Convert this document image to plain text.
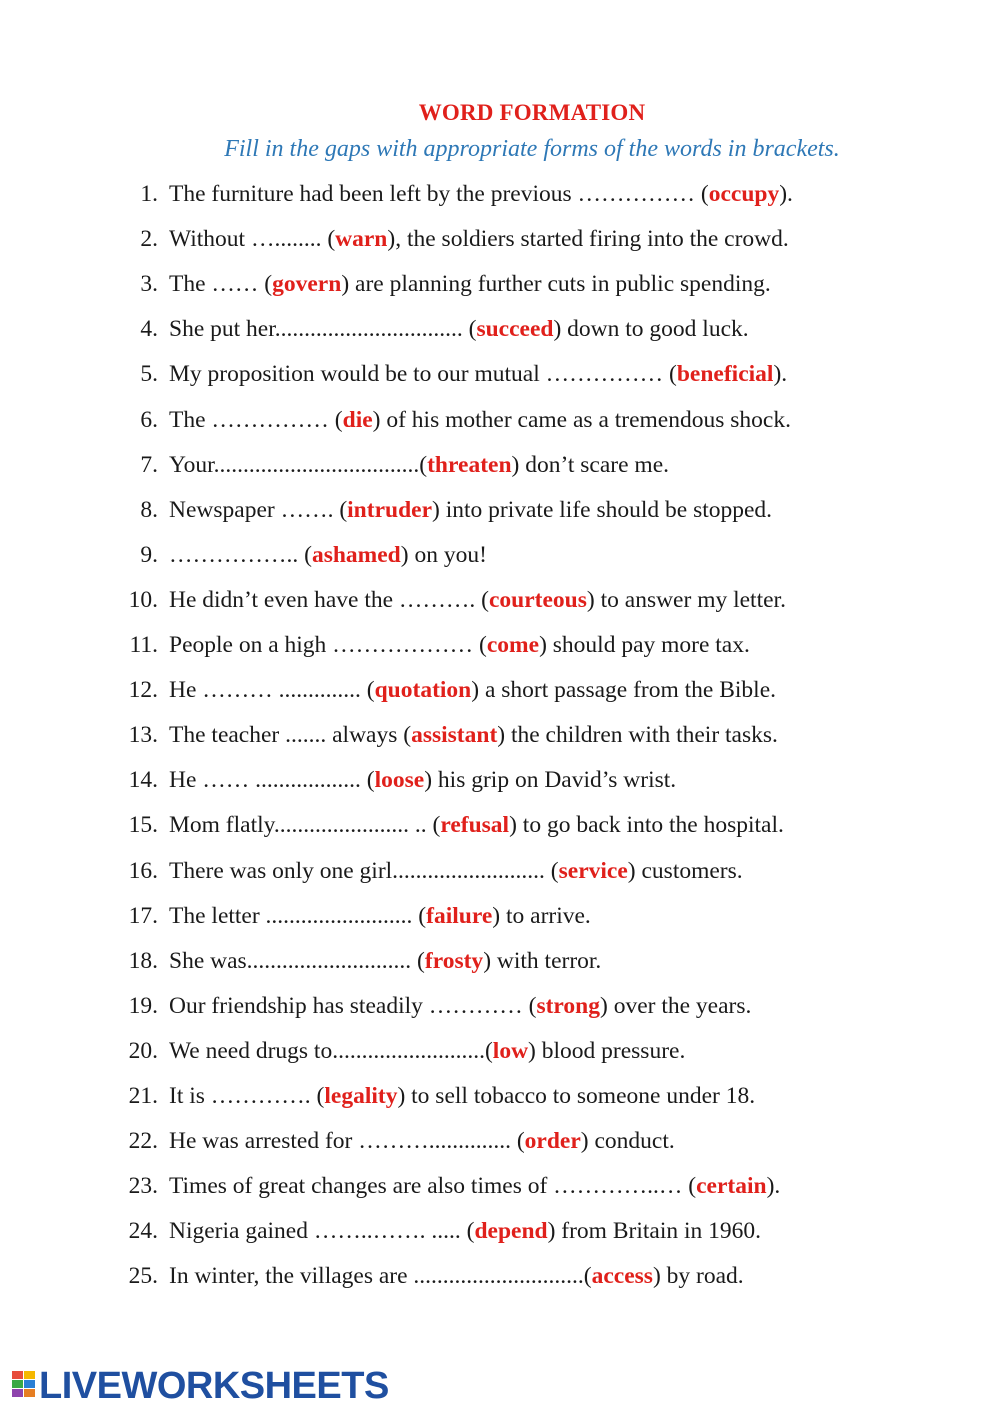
WORD FORMATION
Fill in the gaps with appropriate forms of the words in brackets.
1. The furniture had been left by the previous …………… (occupy).
2. Without …........ (warn), the soldiers started firing into the crowd.
3. The …… (govern) are planning further cuts in public spending.
4. She put her................................ (succeed) down to good luck.
5. My proposition would be to our mutual …………… (beneficial).
6. The …………… (die) of his mother came as a tremendous shock.
7. Your...................................(threaten) don’t scare me.
8. Newspaper ……. (intruder) into private life should be stopped.
9. …………….. (ashamed) on you!
10. He didn’t even have the ………. (courteous) to answer my letter.
11. People on a high ……………… (come) should pay more tax.
12. He ……… .............. (quotation) a short passage from the Bible.
13. The teacher ....... always (assistant) the children with their tasks.
14. He …… .................. (loose) his grip on David’s wrist.
15. Mom flatly....................... .. (refusal) to go back into the hospital.
16. There was only one girl.......................... (service) customers.
17. The letter ......................... (failure) to arrive.
18. She was............................ (frosty) with terror.
19. Our friendship has steadily ………… (strong) over the years.
20. We need drugs to..........................(low) blood pressure.
21. It is …………. (legality) to sell tobacco to someone under 18.
22. He was arrested for ……….............. (order) conduct.
23. Times of great changes are also times of …………..… (certain).
24. Nigeria gained ……..……. ..... (depend) from Britain in 1960.
25. In winter, the villages are .............................(access) by road.
LIVEWORKSHEETS
